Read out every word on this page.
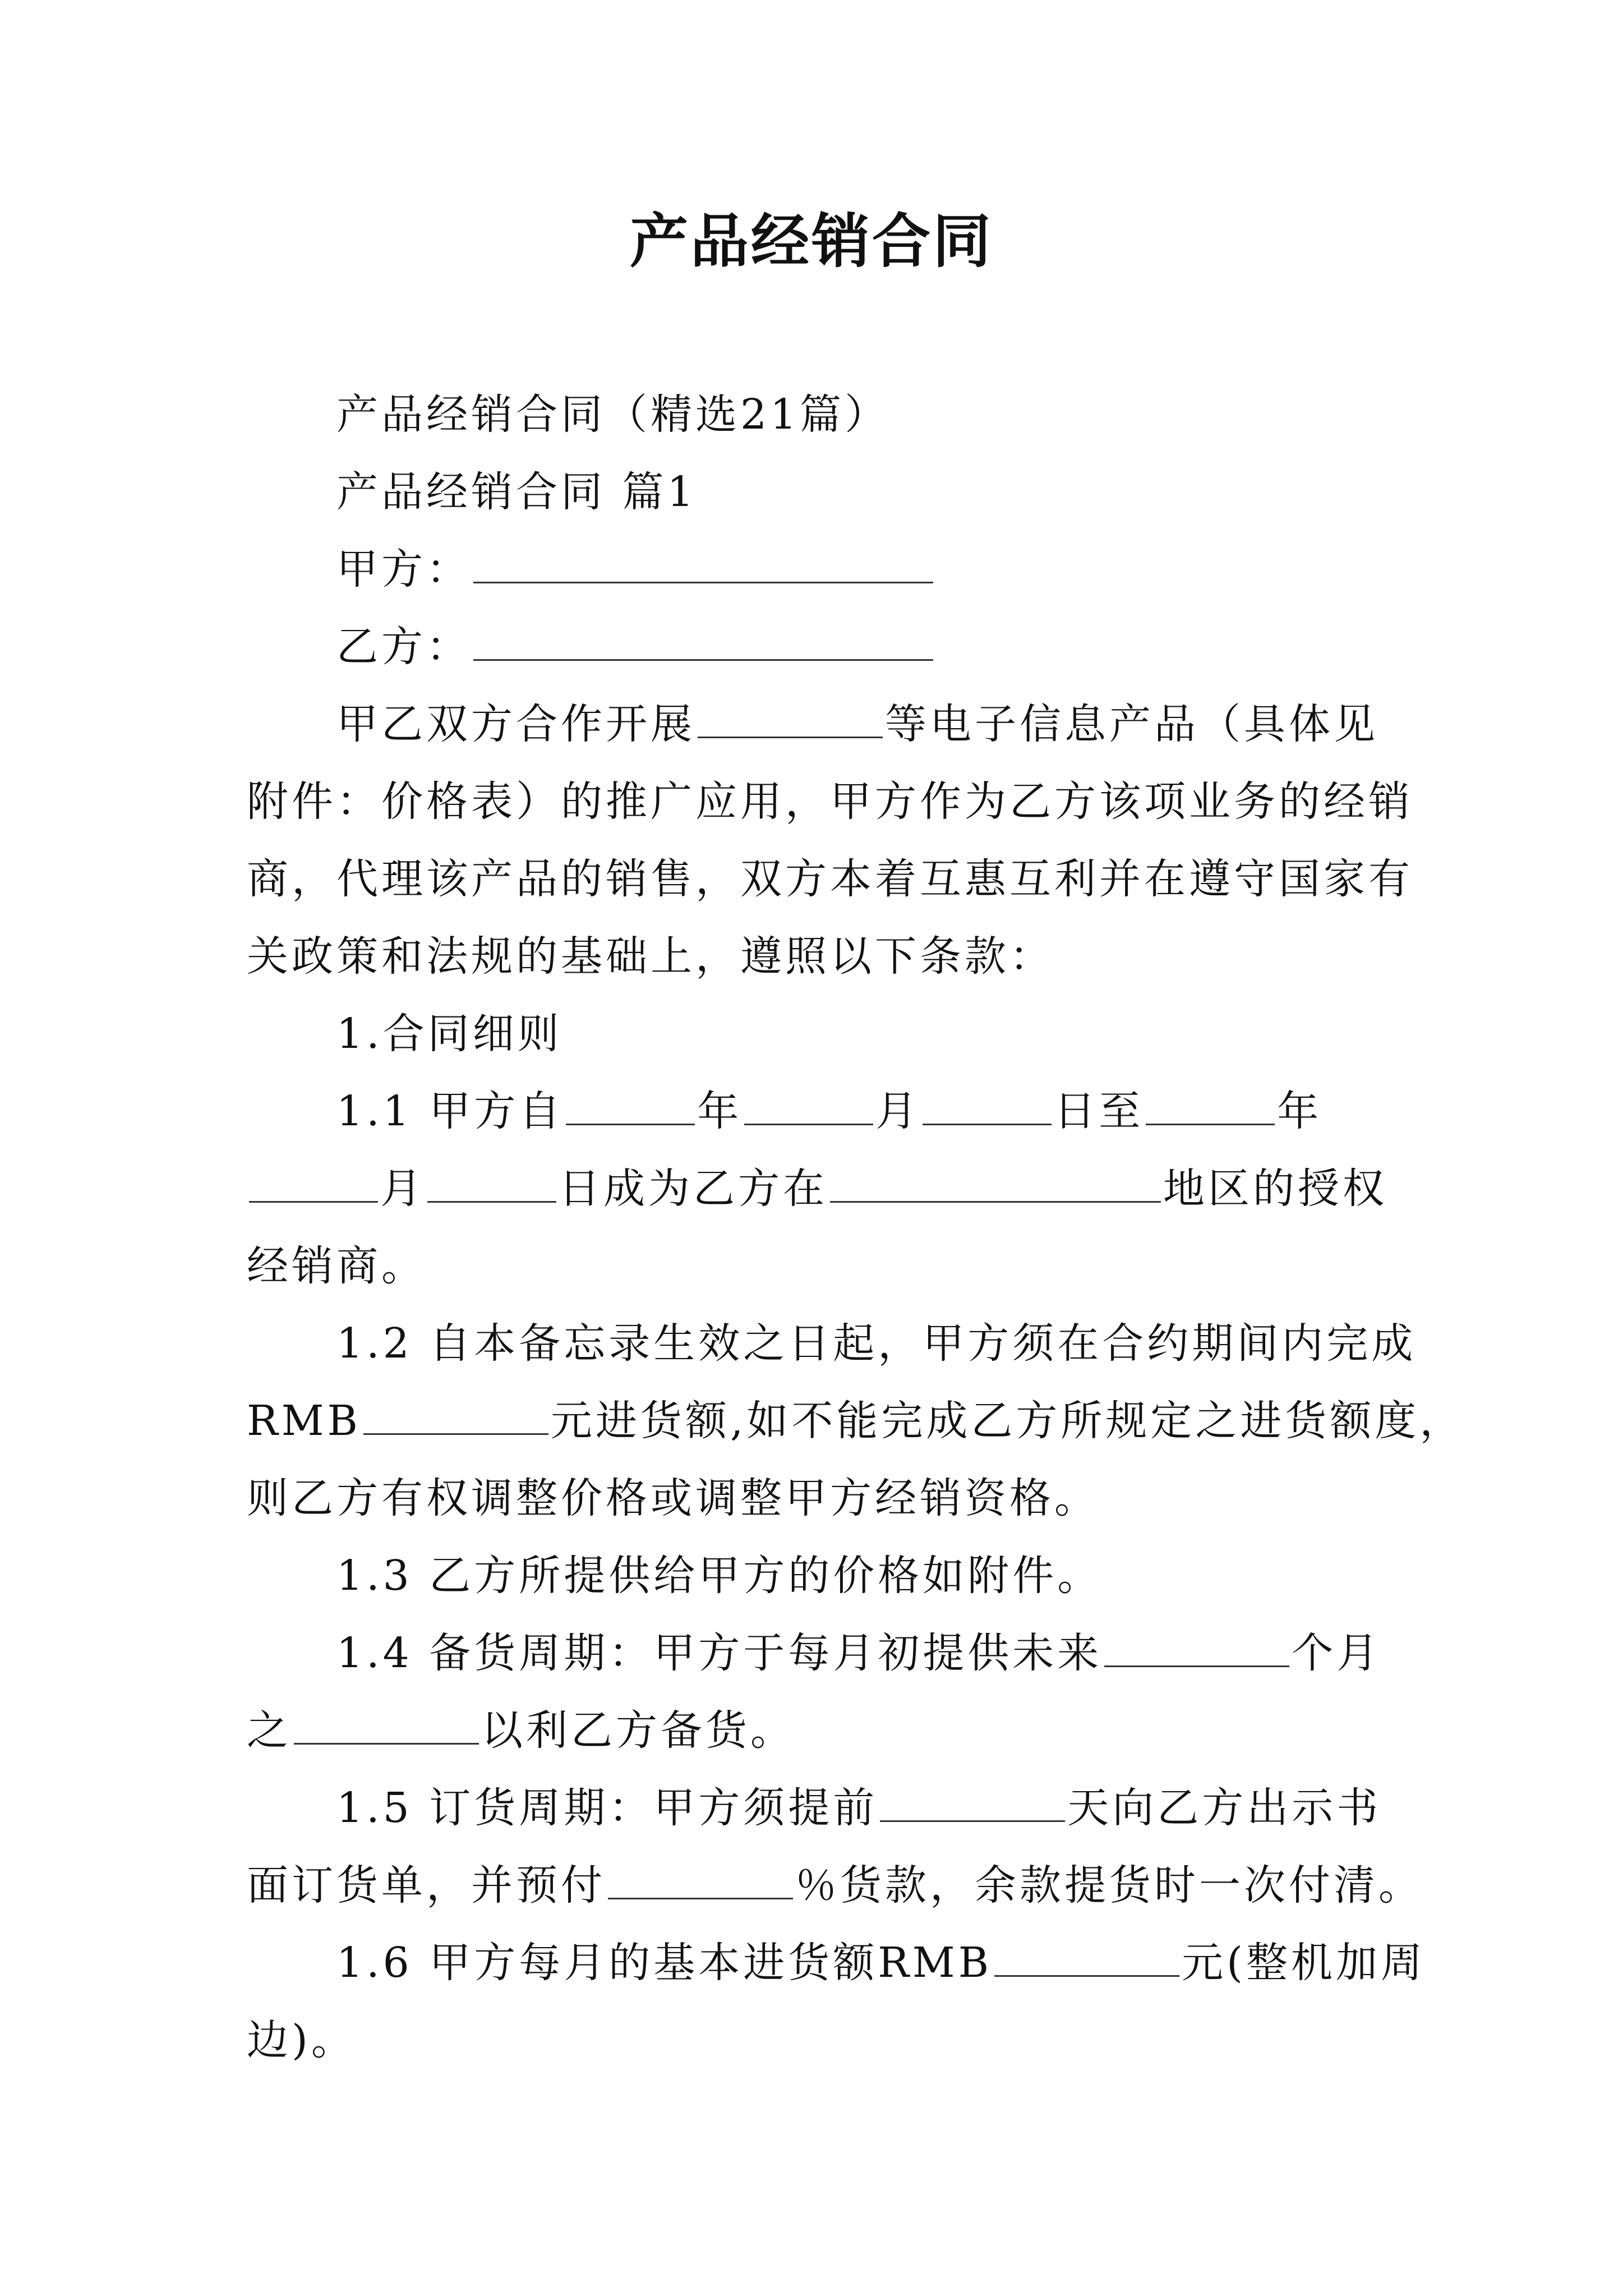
产品经销合同
产品经销合同（精选21篇）
产品经销合同 篇1
甲方：
乙方：
甲乙双方合作开展	等电子信息产品（具体见
附件：价格表）的推广应用，甲方作为乙方该项业务的经销
商，代理该产品的销售，双方本着互惠互利并在遵守国家有
关政策和法规的基础上，遵照以下条款：
1.合同细则
1.1 甲方自	年	月	日至	年
月	日成为乙方在	地区的授权
经销商。
1.2 自本备忘录生效之日起，甲方须在合约期间内完成
RMB	元进货额,如不能完成乙方所规定之进货额度，
则乙方有权调整价格或调整甲方经销资格。
1.3 乙方所提供给甲方的价格如附件。
1.4 备货周期：甲方于每月初提供未来	个月
之	以利乙方备货。
1.5 订货周期：甲方须提前	天向乙方出示书
面订货单，并预付	％货款，余款提货时一次付清。
1.6 甲方每月的基本进货额RMB	元(整机加周
边)。
